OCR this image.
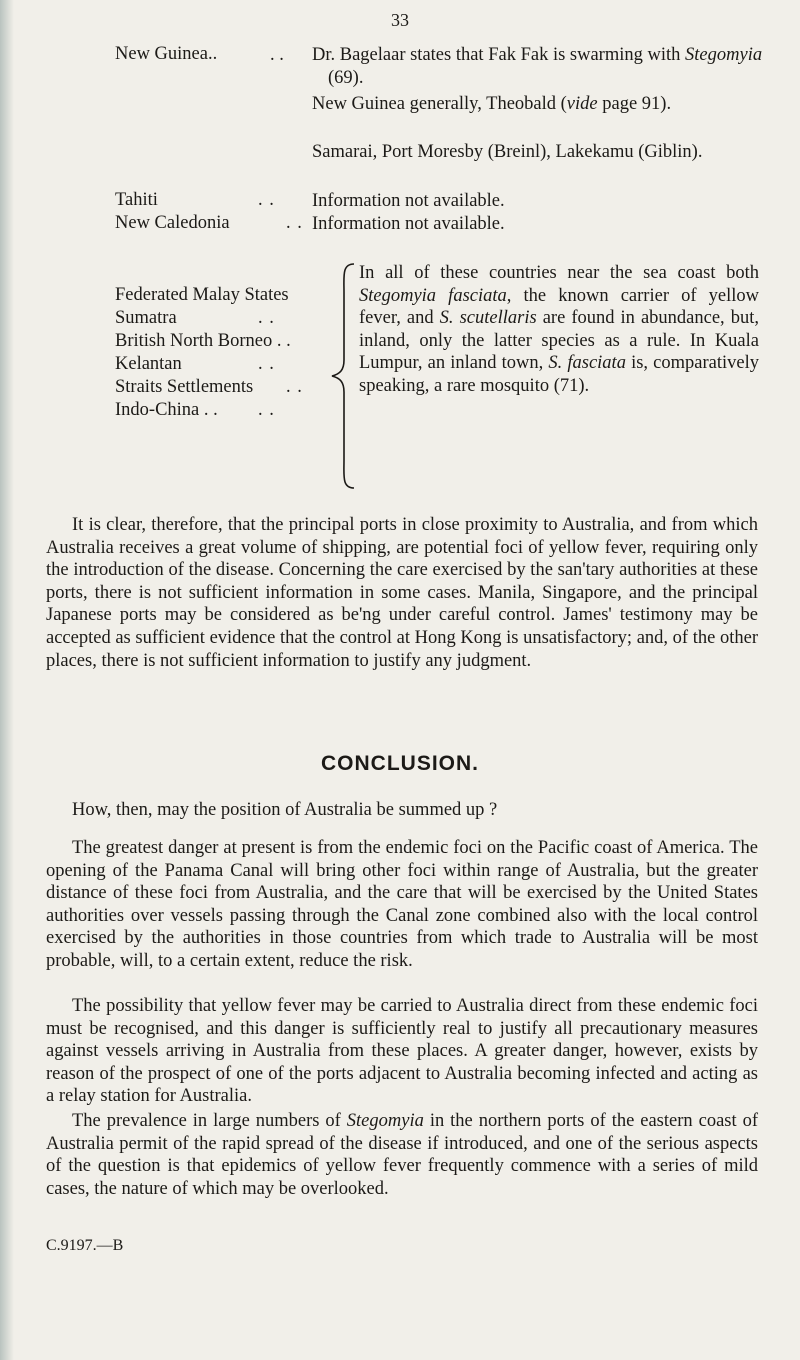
33
New Guinea..	. . Dr. Bagelaar states that Fak Fak is swarming with Stegomyia (69).
New Guinea generally, Theobald (vide page 91).
Samarai, Port Moresby (Breinl), Lakekamu (Giblin).
Tahiti	. . Information not available.
New Caledonia	. . Information not available.
Federated Malay States
Sumatra	. .
British North Borneo . .
Kelantan	. .
Straits Settlements . .
Indo-China . . . .
In all of these countries near the sea coast both Stegomyia fasciata, the known carrier of yellow fever, and S. scutellaris are found in abundance, but, inland, only the latter species as a rule. In Kuala Lumpur, an inland town, S. fasciata is, comparatively speaking, a rare mosquito (71).
It is clear, therefore, that the principal ports in close proximity to Australia, and from which Australia receives a great volume of shipping, are potential foci of yellow fever, requiring only the introduction of the disease. Concerning the care exercised by the san'tary authorities at these ports, there is not sufficient information in some cases. Manila, Singapore, and the principal Japanese ports may be considered as be'ng under careful control. James' testimony may be accepted as sufficient evidence that the control at Hong Kong is unsatisfactory; and, of the other places, there is not sufficient information to justify any judgment.
CONCLUSION.
How, then, may the position of Australia be summed up ?
The greatest danger at present is from the endemic foci on the Pacific coast of America. The opening of the Panama Canal will bring other foci within range of Australia, but the greater distance of these foci from Australia, and the care that will be exercised by the United States authorities over vessels passing through the Canal zone combined also with the local control exercised by the authorities in those countries from which trade to Australia will be most probable, will, to a certain extent, reduce the risk.
The possibility that yellow fever may be carried to Australia direct from these endemic foci must be recognised, and this danger is sufficiently real to justify all precautionary measures against vessels arriving in Australia from these places. A greater danger, however, exists by reason of the prospect of one of the ports adjacent to Australia becoming infected and acting as a relay station for Australia.
The prevalence in large numbers of Stegomyia in the northern ports of the eastern coast of Australia permit of the rapid spread of the disease if introduced, and one of the serious aspects of the question is that epidemics of yellow fever frequently commence with a series of mild cases, the nature of which may be overlooked.
C.9197.—B
